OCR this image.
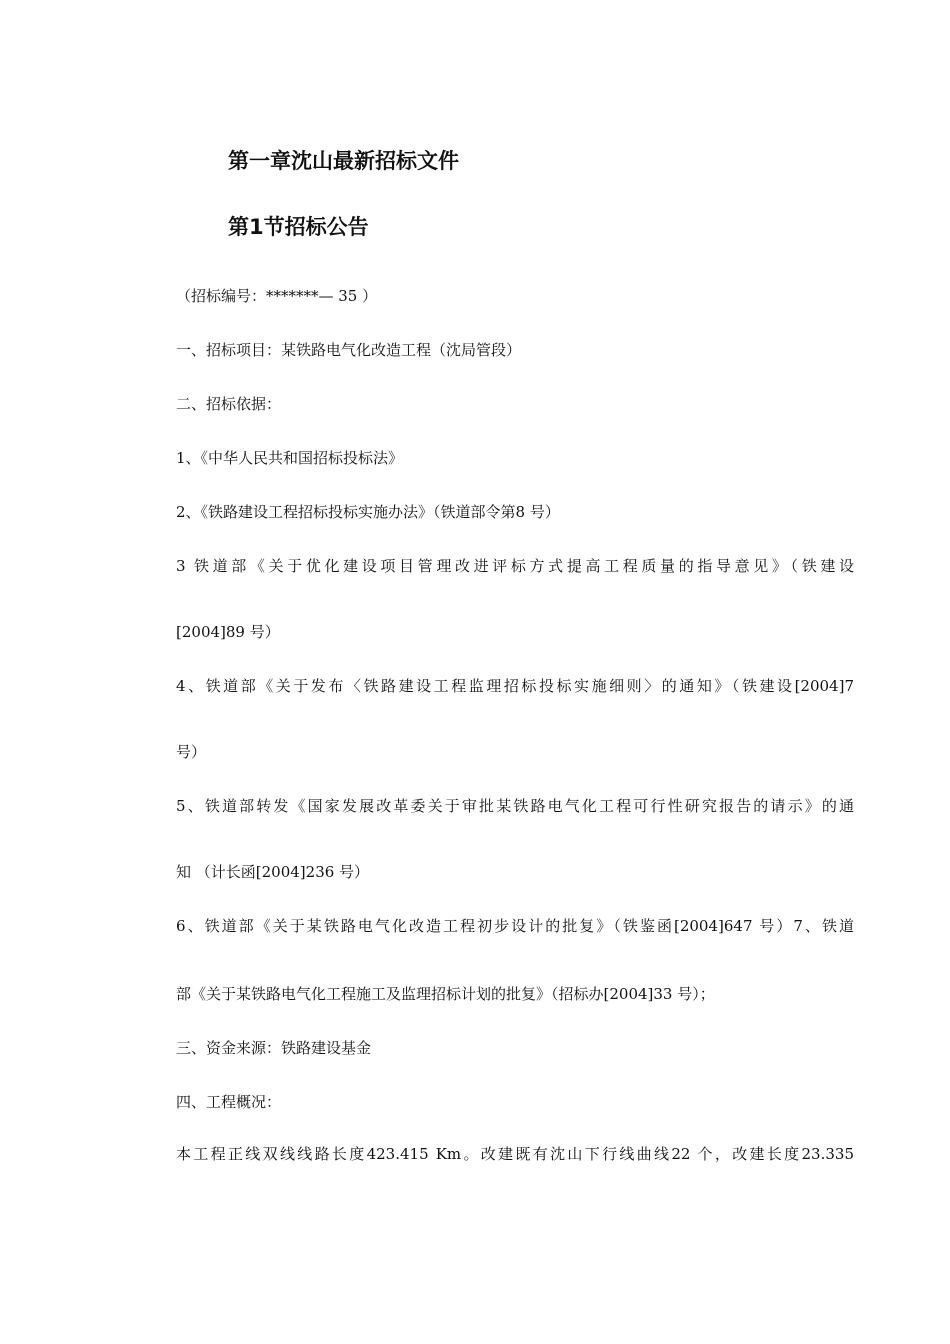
第一章沈山最新招标文件
第1节招标公告

（招标编号：*******— 35 ）

一、招标项目：某铁路电气化改造工程（沈局管段）

二、招标依据：

1、《中华人民共和国招标投标法》

2、《铁路建设工程招标投标实施办法》（铁道部令第8 号）

3 铁道部《关于优化建设项目管理改进评标方式提高工程质量的指导意见》（铁建设

[2004]89 号）

4、铁道部《关于发布〈铁路建设工程监理招标投标实施细则〉的通知》（铁建设[2004]7

号）

5、铁道部转发《国家发展改革委关于审批某铁路电气化工程可行性研究报告的请示》的通

知 （计长函[2004]236 号）

6、铁道部《关于某铁路电气化改造工程初步设计的批复》（铁鉴函[2004]647 号）7、铁道

部《关于某铁路电气化工程施工及监理招标计划的批复》（招标办[2004]33 号）；

三、资金来源：铁路建设基金

四、工程概况：

本工程正线双线线路长度423.415 Km。改建既有沈山下行线曲线22 个，改建长度23.335
